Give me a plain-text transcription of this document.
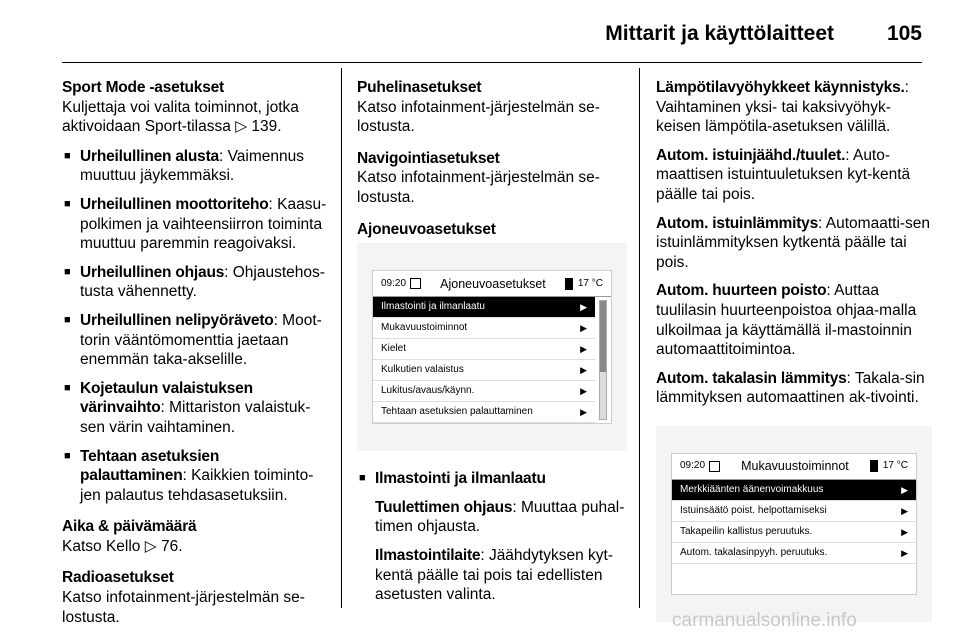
Mittarit ja käyttölaitteet	105
Sport Mode -asetukset
Kuljettaja voi valita toiminnot, jotka aktivoidaan Sport-tilassa ▷ 139.
■ Urheilullinen alusta: Vaimennus muuttuu jäykemmäksi.
■ Urheilullinen moottoriteho: Kaasu-polkimen ja vaihteensiirron toiminta muuttuu paremmin reagoivaksi.
■ Urheilullinen ohjaus: Ohjaustehos-tusta vähennetty.
■ Urheilullinen nelipyöräveto: Moot-torin vääntömomenttia jaetaan enemmän taka-akselille.
■ Kojetaulun valaistuksen värinvaihto: Mittariston valaistuk-sen värin vaihtaminen.
■ Tehtaan asetuksien palauttaminen: Kaikkien toiminto-jen palautus tehdasasetuksiin.
Aika & päivämäärä
Katso Kello ▷ 76.
Radioasetukset
Katso infotainment-järjestelmän se-lostusta.
Puhelinasetukset
Katso infotainment-järjestelmän se-lostusta.
Navigointiasetukset
Katso infotainment-järjestelmän se-lostusta.
Ajoneuvoasetukset
09:20	Ajoneuvoasetukset	17 °C
Ilmastointi ja ilmanlaatu	▶
Mukavuustoiminnot	▶
Kielet	▶
Kulkutien valaistus	▶
Lukitus/avaus/käynn.	▶
Tehtaan asetuksien palauttaminen	▶
■ Ilmastointi ja ilmanlaatu
Tuulettimen ohjaus: Muuttaa puhal-timen ohjausta.
Ilmastointilaite: Jäähdytyksen kyt-kentä päälle tai pois tai edellisten asetusten valinta.
Lämpötilavyöhykkeet käynnistyks.: Vaihtaminen yksi- tai kaksivyöhyk-keisen lämpötila-asetuksen välillä.
Autom. istuinjäähd./tuulet.: Auto-maattisen istuintuuletuksen kyt-kentä päälle tai pois.
Autom. istuinlämmitys: Automaatti-sen istuinlämmityksen kytkentä päälle tai pois.
Autom. huurteen poisto: Auttaa tuulilasin huurteenpoistoa ohjaa-malla ulkoilmaa ja käyttämällä il-mastoinnin automaattitoimintoa.
Autom. takalasin lämmitys: Takala-sin lämmityksen automaattinen ak-tivointi.
09:20	Mukavuustoiminnot	17 °C
Merkkiäänten äänenvoimakkuus	▶
Istuinsäätö poist. helpottamiseksi	▶
Takapeilin kallistus peruutuks.	▶
Autom. takalasinpyyh. peruutuks.	▶
carmanualsonline.info
